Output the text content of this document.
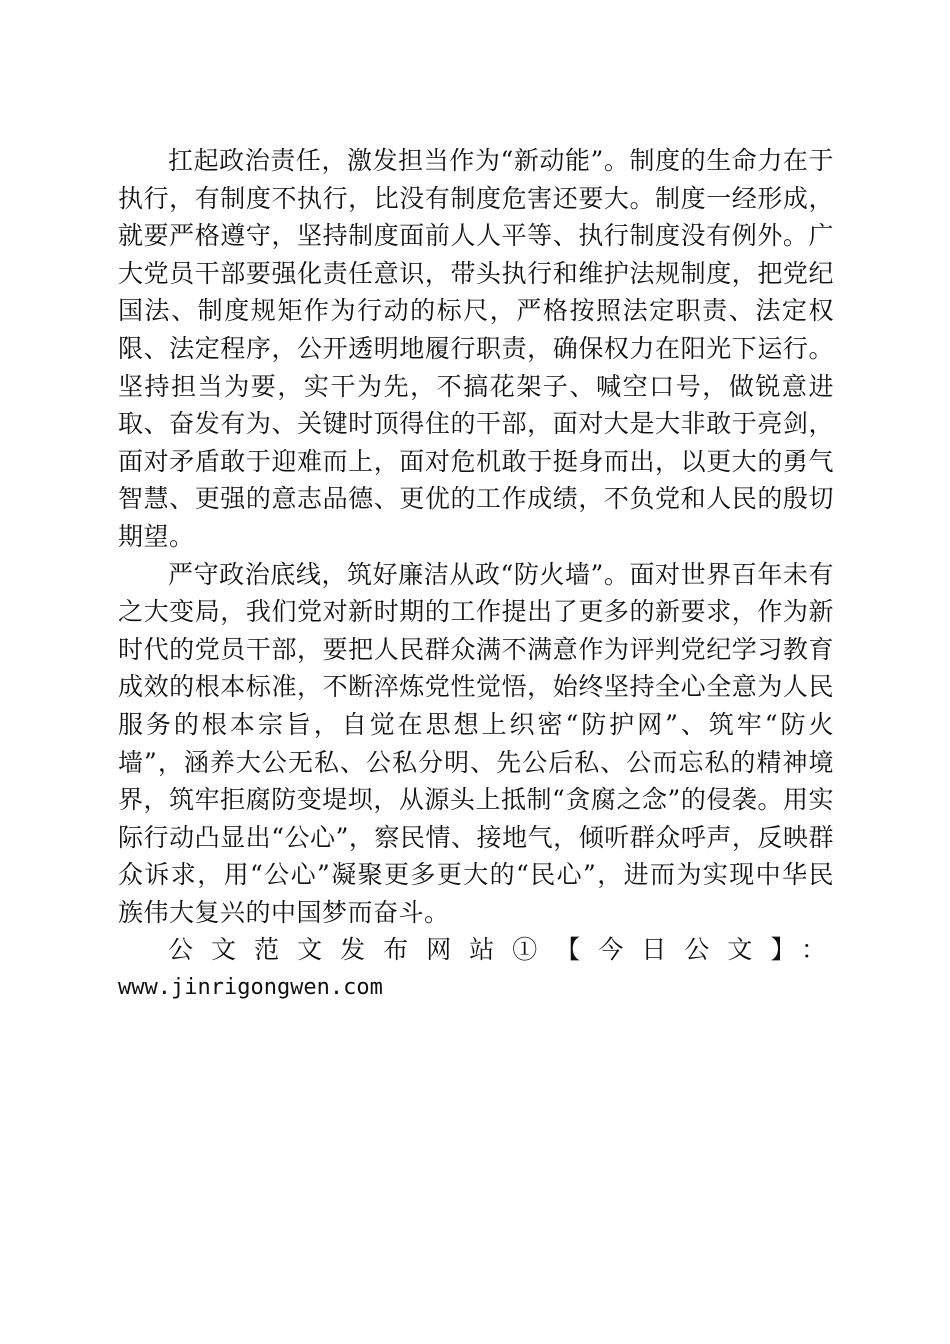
扛起政治责任，激发担当作为“新动能”。制度的生命力在于执行，有制度不执行，比没有制度危害还要大。制度一经形成，就要严格遵守，坚持制度面前人人平等、执行制度没有例外。广大党员干部要强化责任意识，带头执行和维护法规制度，把党纪国法、制度规矩作为行动的标尺，严格按照法定职责、法定权限、法定程序，公开透明地履行职责，确保权力在阳光下运行。坚持担当为要，实干为先，不搞花架子、喊空口号，做锐意进取、奋发有为、关键时顶得住的干部，面对大是大非敢于亮剑，面对矛盾敢于迎难而上，面对危机敢于挺身而出，以更大的勇气智慧、更强的意志品德、更优的工作成绩，不负党和人民的殷切期望。

严守政治底线，筑好廉洁从政“防火墙”。面对世界百年未有之大变局，我们党对新时期的工作提出了更多的新要求，作为新时代的党员干部，要把人民群众满不满意作为评判党纪学习教育成效的根本标准，不断淬炼党性觉悟，始终坚持全心全意为人民服务的根本宗旨，自觉在思想上织密“防护网”、筑牢“防火墙”，涵养大公无私、公私分明、先公后私、公而忘私的精神境界，筑牢拒腐防变堤坝，从源头上抵制“贪腐之念”的侵袭。用实际行动凸显出“公心”，察民情、接地气，倾听群众呼声，反映群众诉求，用“公心”凝聚更多更大的“民心”，进而为实现中华民族伟大复兴的中国梦而奋斗。

公文范文发布网站①【今日公文】：

www.jinrigongwen.com
